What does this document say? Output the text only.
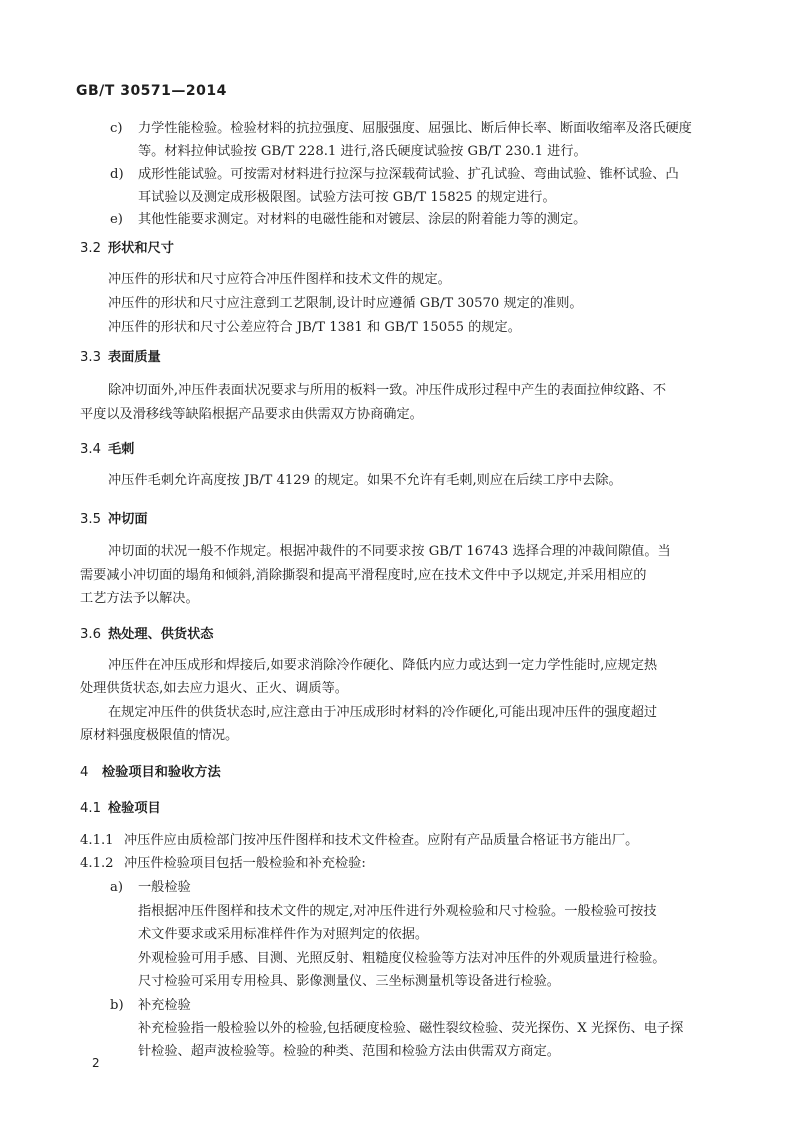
GB/T 30571—2014
c) 力学性能检验。检验材料的抗拉强度、屈服强度、屈强比、断后伸长率、断面收缩率及洛氏硬度
等。材料拉伸试验按 GB/T 228.1 进行,洛氏硬度试验按 GB/T 230.1 进行。
d) 成形性能试验。可按需对材料进行拉深与拉深载荷试验、扩孔试验、弯曲试验、锥杯试验、凸
耳试验以及测定成形极限图。试验方法可按 GB/T 15825 的规定进行。
e) 其他性能要求测定。对材料的电磁性能和对镀层、涂层的附着能力等的测定。
3.2 形状和尺寸
冲压件的形状和尺寸应符合冲压件图样和技术文件的规定。
冲压件的形状和尺寸应注意到工艺限制,设计时应遵循 GB/T 30570 规定的准则。
冲压件的形状和尺寸公差应符合 JB/T 1381 和 GB/T 15055 的规定。
3.3 表面质量
除冲切面外,冲压件表面状况要求与所用的板料一致。冲压件成形过程中产生的表面拉伸纹路、不
平度以及滑移线等缺陷根据产品要求由供需双方协商确定。
3.4 毛刺
冲压件毛刺允许高度按 JB/T 4129 的规定。如果不允许有毛刺,则应在后续工序中去除。
3.5 冲切面
冲切面的状况一般不作规定。根据冲裁件的不同要求按 GB/T 16743 选择合理的冲裁间隙值。当
需要减小冲切面的塌角和倾斜,消除撕裂和提高平滑程度时,应在技术文件中予以规定,并采用相应的
工艺方法予以解决。
3.6 热处理、供货状态
冲压件在冲压成形和焊接后,如要求消除冷作硬化、降低内应力或达到一定力学性能时,应规定热
处理供货状态,如去应力退火、正火、调质等。
在规定冲压件的供货状态时,应注意由于冲压成形时材料的冷作硬化,可能出现冲压件的强度超过
原材料强度极限值的情况。
4 检验项目和验收方法
4.1 检验项目
4.1.1 冲压件应由质检部门按冲压件图样和技术文件检查。应附有产品质量合格证书方能出厂。
4.1.2 冲压件检验项目包括一般检验和补充检验:
a) 一般检验
指根据冲压件图样和技术文件的规定,对冲压件进行外观检验和尺寸检验。一般检验可按技
术文件要求或采用标准样件作为对照判定的依据。
外观检验可用手感、目测、光照反射、粗糙度仪检验等方法对冲压件的外观质量进行检验。
尺寸检验可采用专用检具、影像测量仪、三坐标测量机等设备进行检验。
b) 补充检验
补充检验指一般检验以外的检验,包括硬度检验、磁性裂纹检验、荧光探伤、X 光探伤、电子探
针检验、超声波检验等。检验的种类、范围和检验方法由供需双方商定。
2
